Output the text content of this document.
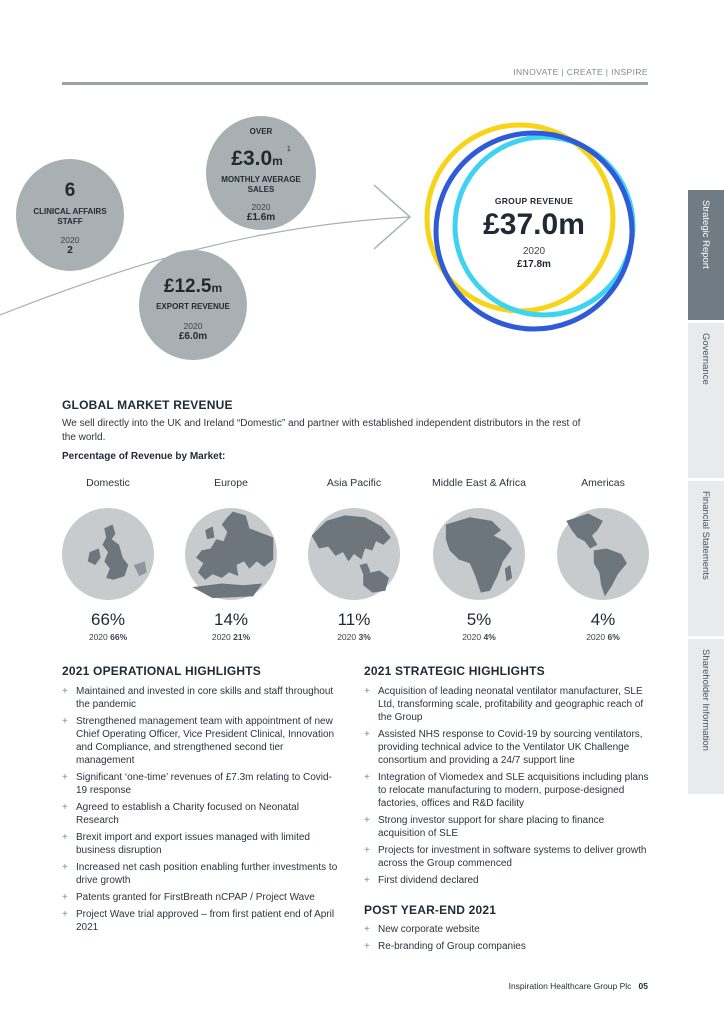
INNOVATE | CREATE | INSPIRE
Strategic Report
Governance
Financial Statements
Shareholder Information
6
CLINICAL AFFAIRS
STAFF
2020
2
OVER
$£3.0m^1$
MONTHLY AVERAGE
SALES
2020
£1.6m
£12.5m
EXPORT REVENUE
2020
£6.0m
GROUP REVENUE
£37.0m
2020
£17.8m
GLOBAL MARKET REVENUE
We sell directly into the UK and Ireland “Domestic” and partner with established independent distributors in the rest of the world.
Percentage of Revenue by Market:
Domestic
66%
2020 66%
Europe
14%
2020 21%
Asia Pacific
11%
2020 3%
Middle East & Africa
5%
2020 4%
Americas
4%
2020 6%
2021 OPERATIONAL HIGHLIGHTS
+ Maintained and invested in core skills and staff throughout the pandemic
+ Strengthened management team with appointment of new Chief Operating Officer, Vice President Clinical, Innovation and Compliance, and strengthened second tier management
+ Significant ‘one-time’ revenues of £7.3m relating to Covid-19 response
+ Agreed to establish a Charity focused on Neonatal Research
+ Brexit import and export issues managed with limited business disruption
+ Increased net cash position enabling further investments to drive growth
+ Patents granted for FirstBreath nCPAP / Project Wave
+ Project Wave trial approved – from first patient end of April 2021
2021 STRATEGIC HIGHLIGHTS
+ Acquisition of leading neonatal ventilator manufacturer, SLE Ltd, transforming scale, profitability and geographic reach of the Group
+ Assisted NHS response to Covid-19 by sourcing ventilators, providing technical advice to the Ventilator UK Challenge consortium and providing a 24/7 support line
+ Integration of Viomedex and SLE acquisitions including plans to relocate manufacturing to modern, purpose-designed factories, offices and R&D facility
+ Strong investor support for share placing to finance acquisition of SLE
+ Projects for investment in software systems to deliver growth across the Group commenced
+ First dividend declared
POST YEAR-END 2021
+ New corporate website
+ Re-branding of Group companies
Inspiration Healthcare Group Plc 05
